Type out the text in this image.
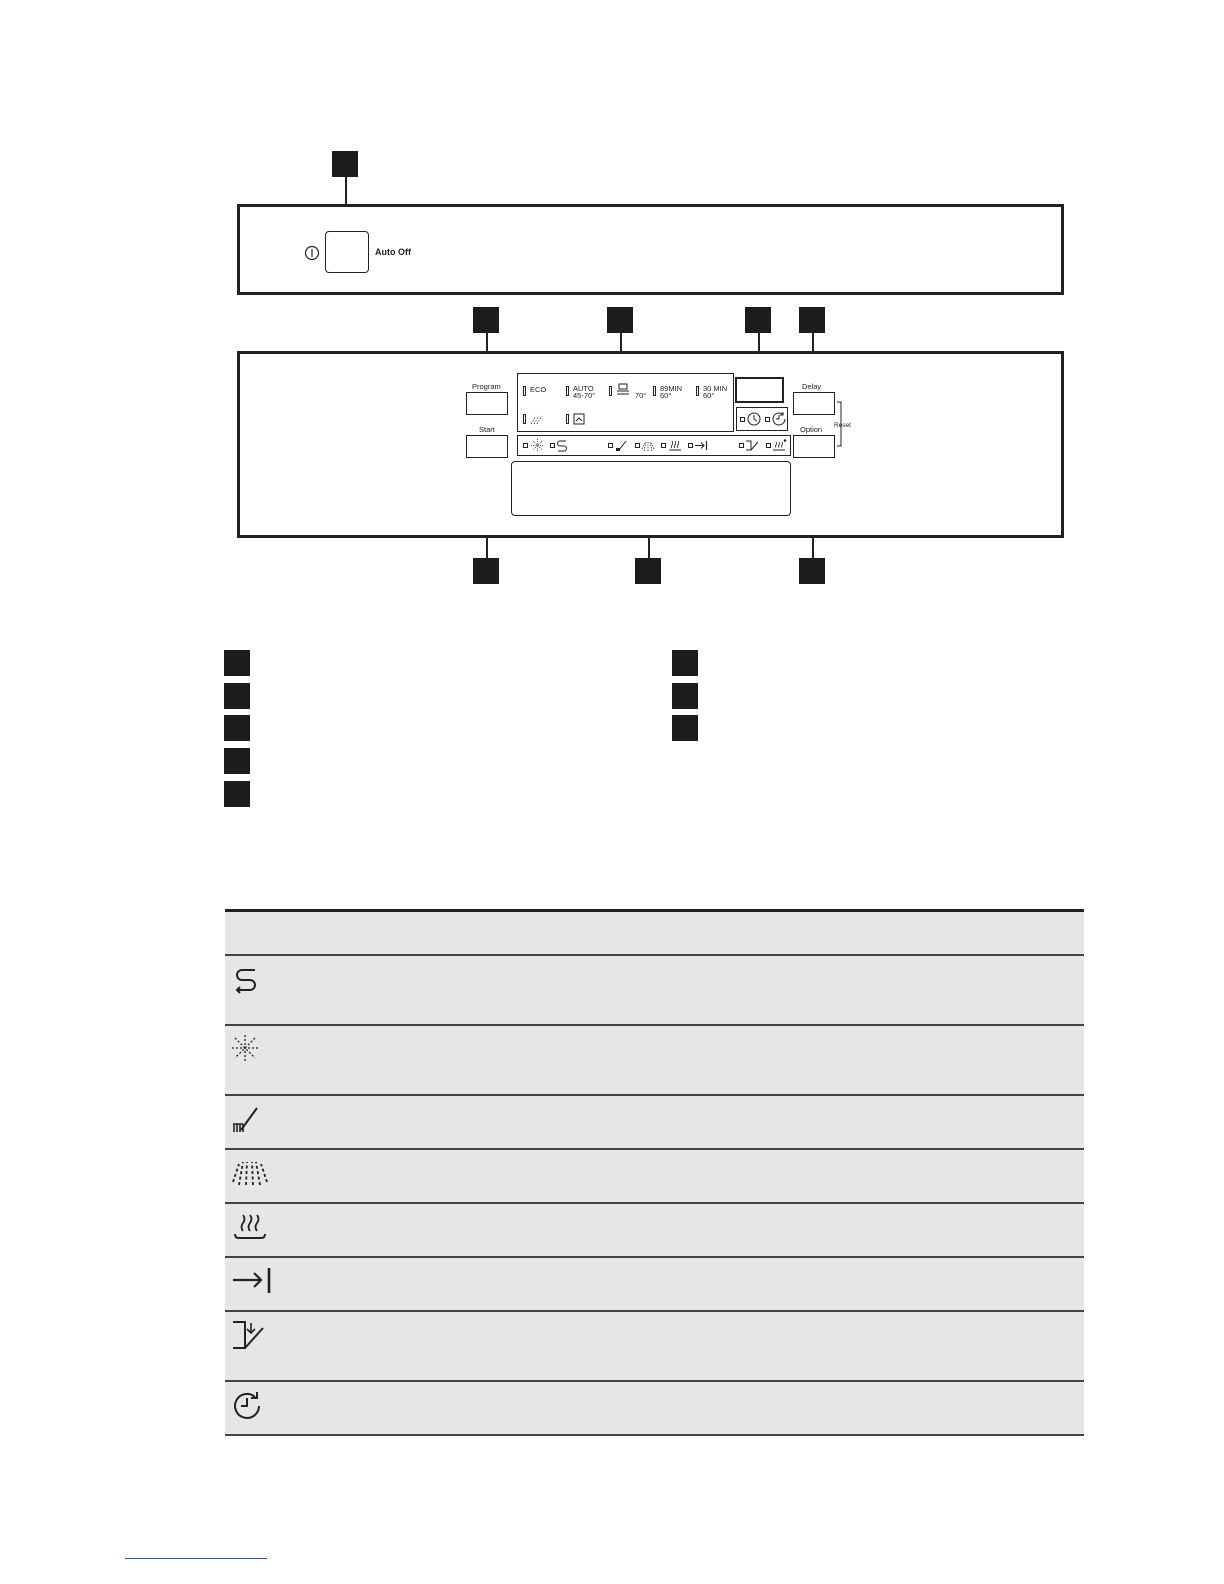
Auto Off
Program
Start
ECO	AUTO
45-70°	70°
89MIN
60°
30 MIN
60°
Delay
Option Reset
